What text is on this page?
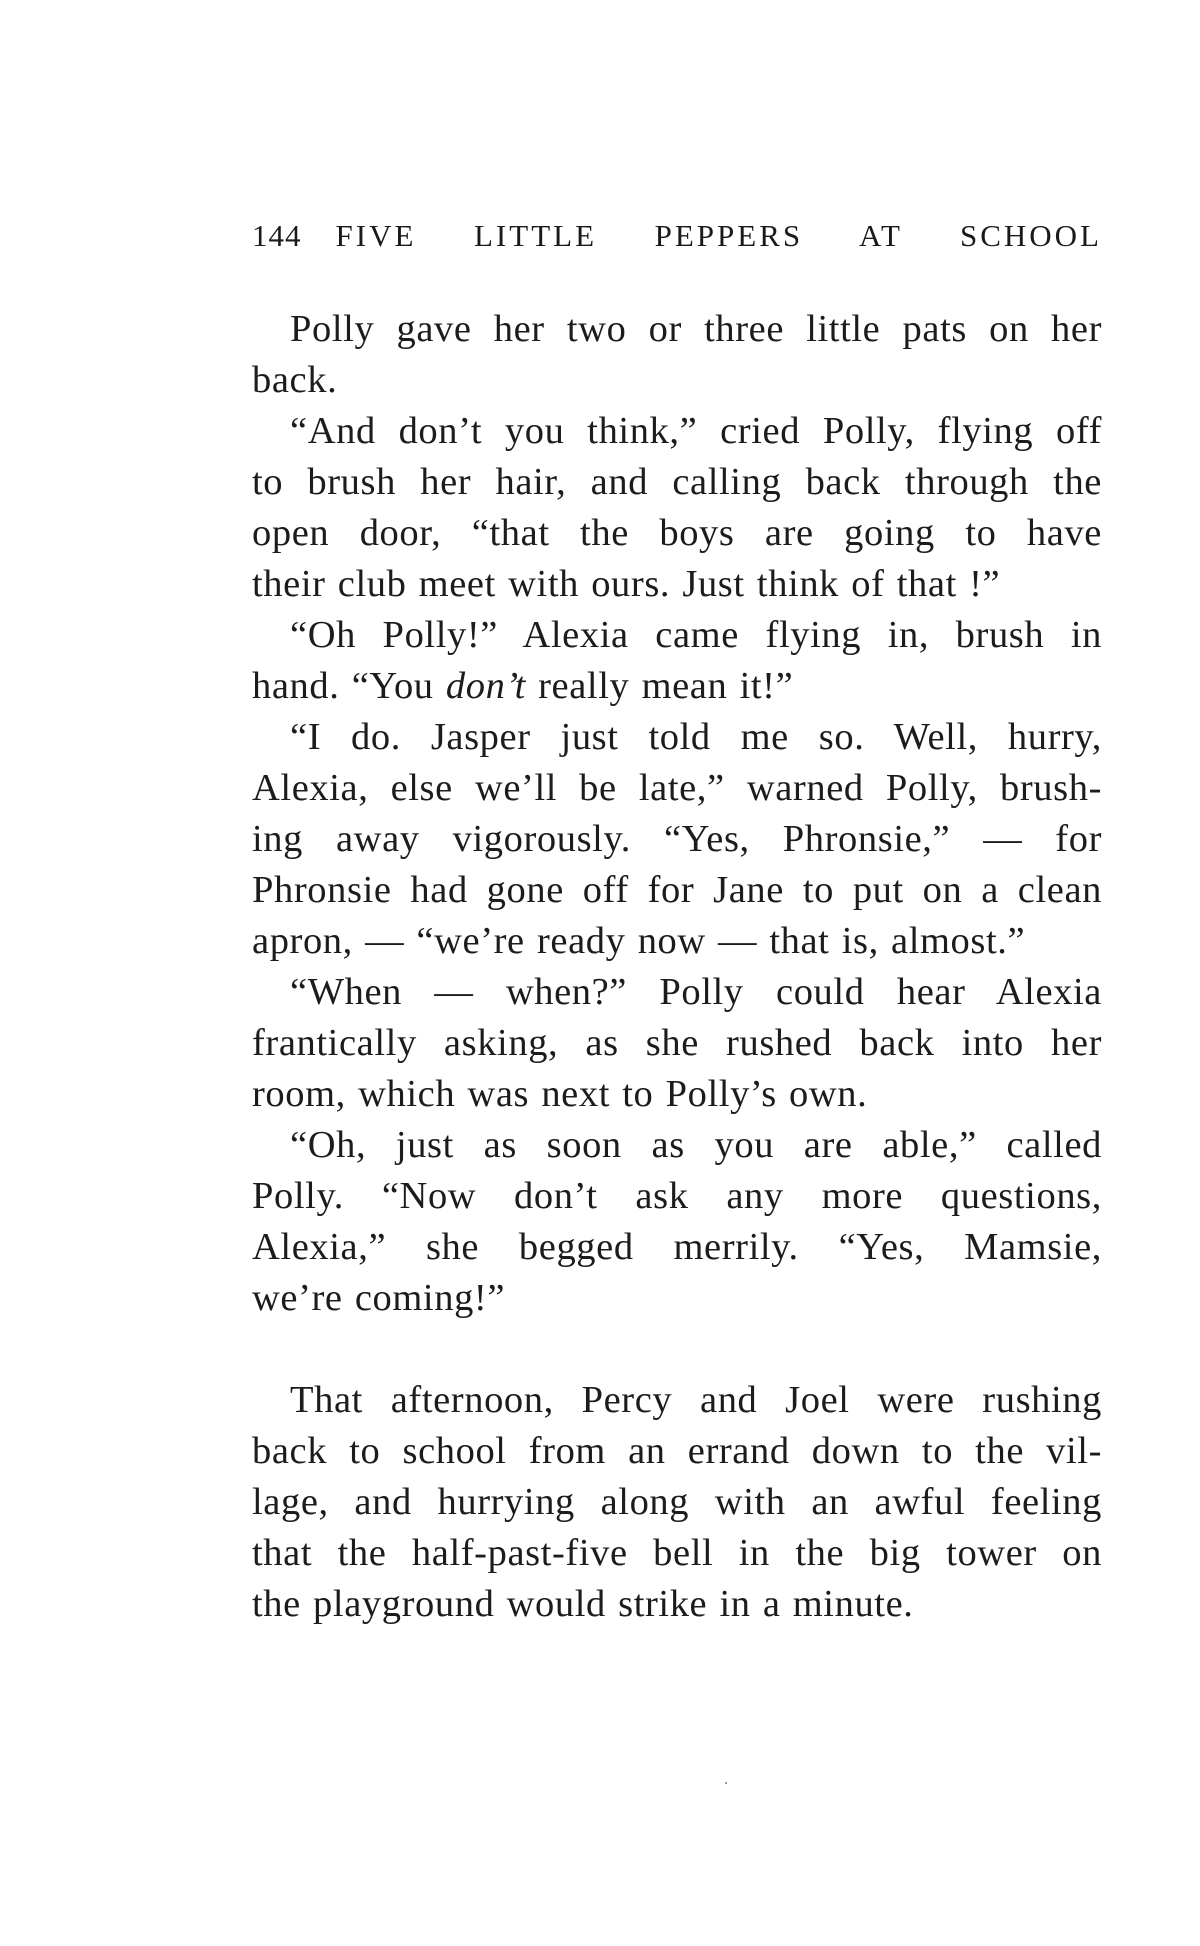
144 FIVE LITTLE PEPPERS AT SCHOOL
Polly gave her two or three little pats on her
back.
“And don’t you think,” cried Polly, flying off
to brush her hair, and calling back through the
open door, “that the boys are going to have
their club meet with ours. Just think of that !”
“Oh Polly!” Alexia came flying in, brush in
hand. “You don’t really mean it!”
“I do. Jasper just told me so. Well, hurry,
Alexia, else we’ll be late,” warned Polly, brush-
ing away vigorously. “Yes, Phronsie,” — for
Phronsie had gone off for Jane to put on a clean
apron, — “we’re ready now — that is, almost.”
“When — when?” Polly could hear Alexia
frantically asking, as she rushed back into her
room, which was next to Polly’s own.
“Oh, just as soon as you are able,” called
Polly. “Now don’t ask any more questions,
Alexia,” she begged merrily. “Yes, Mamsie,
we’re coming!”
That afternoon, Percy and Joel were rushing
back to school from an errand down to the vil-
lage, and hurrying along with an awful feeling
that the half-past-five bell in the big tower on
the playground would strike in a minute.
